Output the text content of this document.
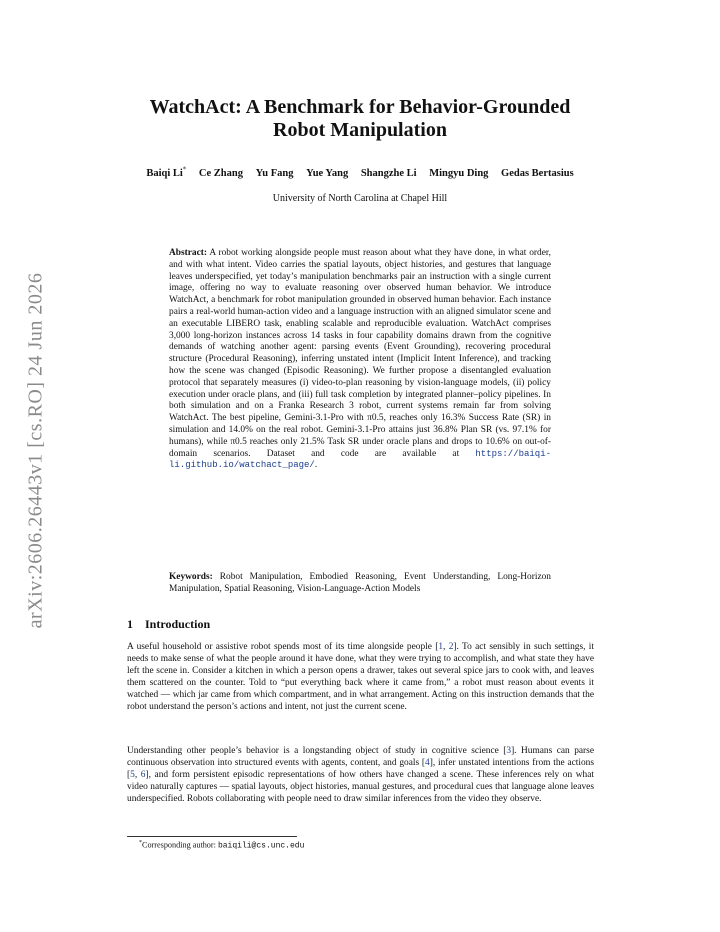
arXiv:2606.26443v1 [cs.RO] 24 Jun 2026
WatchAct: A Benchmark for Behavior-Grounded
Robot Manipulation
Baiqi Li* Ce Zhang Yu Fang Yue Yang Shangzhe Li Mingyu Ding Gedas Bertasius
University of North Carolina at Chapel Hill
Abstract: A robot working alongside people must reason about what they have done, in what order, and with what intent. Video carries the spatial layouts, object histories, and gestures that language leaves underspecified, yet today’s manipulation benchmarks pair an instruction with a single current image, offering no way to evaluate reasoning over observed human behavior. We introduce WatchAct, a benchmark for robot manipulation grounded in observed human behavior. Each instance pairs a real-world human-action video and a language instruction with an aligned simulator scene and an executable LIBERO task, enabling scalable and reproducible evaluation. WatchAct comprises 3,000 long-horizon instances across 14 tasks in four capability domains drawn from the cognitive demands of watching another agent: parsing events (Event Grounding), recovering procedural structure (Procedural Reasoning), inferring unstated intent (Implicit Intent Inference), and tracking how the scene was changed (Episodic Reasoning). We further propose a disentangled evaluation protocol that separately measures (i) video-to-plan reasoning by vision-language models, (ii) policy execution under oracle plans, and (iii) full task completion by integrated planner–policy pipelines. In both simulation and on a Franka Research 3 robot, current systems remain far from solving WatchAct. The best pipeline, Gemini-3.1-Pro with π0.5, reaches only 16.3% Success Rate (SR) in simulation and 14.0% on the real robot. Gemini-3.1-Pro attains just 36.8% Plan SR (vs. 97.1% for humans), while π0.5 reaches only 21.5% Task SR under oracle plans and drops to 10.6% on out-of-domain scenarios. Dataset and code are available at https://baiqi-li.github.io/watchact_page/.
Keywords: Robot Manipulation, Embodied Reasoning, Event Understanding, Long-Horizon Manipulation, Spatial Reasoning, Vision-Language-Action Models
1 Introduction
A useful household or assistive robot spends most of its time alongside people [1, 2]. To act sensibly in such settings, it needs to make sense of what the people around it have done, what they were trying to accomplish, and what state they have left the scene in. Consider a kitchen in which a person opens a drawer, takes out several spice jars to cook with, and leaves them scattered on the counter. Told to “put everything back where it came from,” a robot must reason about events it watched — which jar came from which compartment, and in what arrangement. Acting on this instruction demands that the robot understand the person’s actions and intent, not just the current scene.
Understanding other people’s behavior is a longstanding object of study in cognitive science [3]. Humans can parse continuous observation into structured events with agents, content, and goals [4], infer unstated intentions from the actions [5, 6], and form persistent episodic representations of how others have changed a scene. These inferences rely on what video naturally captures — spatial layouts, object histories, manual gestures, and procedural cues that language alone leaves underspecified. Robots collaborating with people need to draw similar inferences from the video they observe.
*Corresponding author: baiqili@cs.unc.edu
